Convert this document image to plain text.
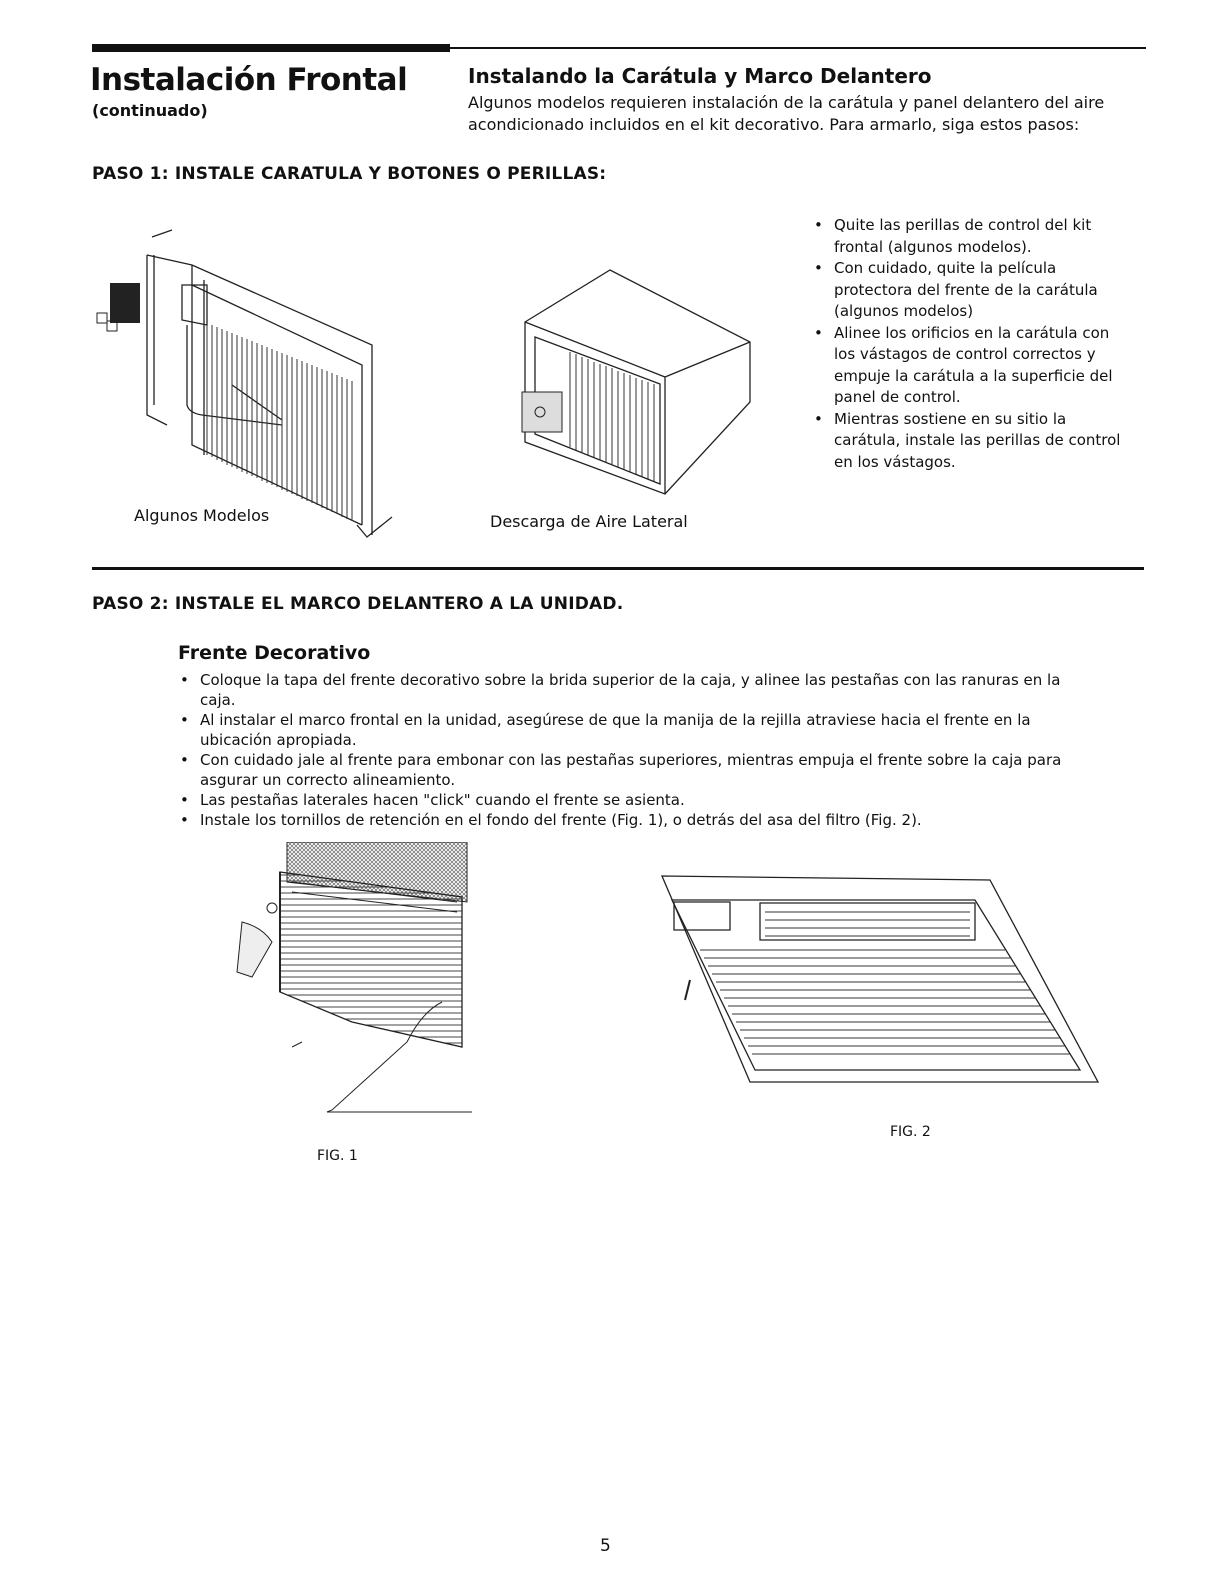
Instalación Frontal
(continuado)
Instalando la Carátula y Marco Delantero
Algunos modelos requieren instalación de la carátula y panel delantero del aire acondicionado incluidos en el kit decorativo. Para armarlo, siga estos pasos:
PASO 1: INSTALE CARATULA Y BOTONES O PERILLAS:
Algunos Modelos	Descarga de Aire Lateral
• Quite las perillas de control del kit frontal (algunos modelos).
• Con cuidado, quite la película protectora del frente de la carátula (algunos modelos)
• Alinee los orificios en la carátula con los vástagos de control correctos y empuje la carátula a la superficie del panel de control.
• Mientras sostiene en su sitio la carátula, instale las perillas de control en los vástagos.
PASO 2: INSTALE EL MARCO DELANTERO A LA UNIDAD.
Frente Decorativo
• Coloque la tapa del frente decorativo sobre la brida superior de la caja, y alinee las pestañas con las ranuras en la caja.
• Al instalar el marco frontal en la unidad, asegúrese de que la manija de la rejilla atraviese hacia el frente en la ubicación apropiada.
• Con cuidado jale al frente para embonar con las pestañas superiores, mientras empuja el frente sobre la caja para asgurar un correcto alineamiento.
• Las pestañas laterales hacen "click" cuando el frente se asienta.
• Instale los tornillos de retención en el fondo del frente (Fig. 1), o detrás del asa del filtro (Fig. 2).
FIG. 1
FIG. 2
5
